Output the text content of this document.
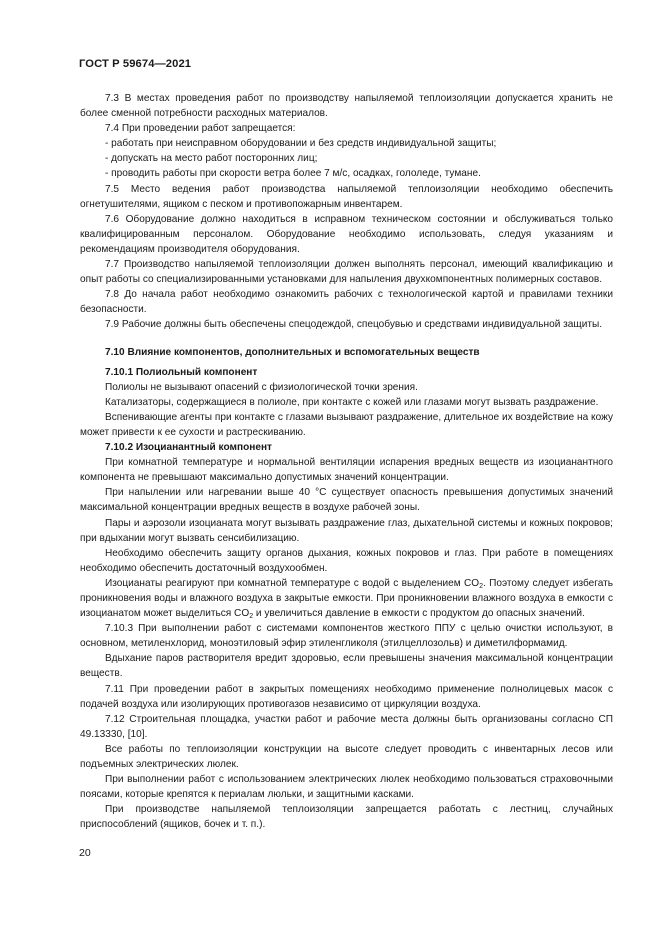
ГОСТ Р 59674—2021

7.3 В местах проведения работ по производству напыляемой теплоизоляции допускается хранить не более сменной потребности расходных материалов.

7.4 При проведении работ запрещается:

- работать при неисправном оборудовании и без средств индивидуальной защиты;

- допускать на место работ посторонних лиц;

- проводить работы при скорости ветра более 7 м/с, осадках, гололеде, тумане.

7.5 Место ведения работ производства напыляемой теплоизоляции необходимо обеспечить огнетушителями, ящиком с песком и противопожарным инвентарем.

7.6 Оборудование должно находиться в исправном техническом состоянии и обслуживаться только квалифицированным персоналом. Оборудование необходимо использовать, следуя указаниям и рекомендациям производителя оборудования.

7.7 Производство напыляемой теплоизоляции должен выполнять персонал, имеющий квалификацию и опыт работы со специализированными установками для напыления двухкомпонентных полимерных составов.

7.8 До начала работ необходимо ознакомить рабочих с технологической картой и правилами техники безопасности.

7.9 Рабочие должны быть обеспечены спецодеждой, спецобувью и средствами индивидуальной защиты.

7.10 Влияние компонентов, дополнительных и вспомогательных веществ

7.10.1 Полиольный компонент

Полиолы не вызывают опасений с физиологической точки зрения.

Катализаторы, содержащиеся в полиоле, при контакте с кожей или глазами могут вызвать раздражение.

Вспенивающие агенты при контакте с глазами вызывают раздражение, длительное их воздействие на кожу может привести к ее сухости и растрескиванию.

7.10.2 Изоцианантный компонент

При комнатной температуре и нормальной вентиляции испарения вредных веществ из изоцианантного компонента не превышают максимально допустимых значений концентрации.

При напылении или нагревании выше 40 °С существует опасность превышения допустимых значений максимальной концентрации вредных веществ в воздухе рабочей зоны.

Пары и аэрозоли изоцианата могут вызывать раздражение глаз, дыхательной системы и кожных покровов; при вдыхании могут вызвать сенсибилизацию.

Необходимо обеспечить защиту органов дыхания, кожных покровов и глаз. При работе в помещениях необходимо обеспечить достаточный воздухообмен.

Изоцианаты реагируют при комнатной температуре с водой с выделением $CO_2$. Поэтому следует избегать проникновения воды и влажного воздуха в закрытые емкости. При проникновении влажного воздуха в емкости с изоцианатом может выделиться $CO_2$ и увеличиться давление в емкости с продуктом до опасных значений.

7.10.3 При выполнении работ с системами компонентов жесткого ППУ с целью очистки используют, в основном, метиленхлорид, моноэтиловый эфир этиленгликоля (этилцеллозольв) и диметилформамид.

Вдыхание паров растворителя вредит здоровью, если превышены значения максимальной концентрации веществ.

7.11 При проведении работ в закрытых помещениях необходимо применение полнолицевых масок с подачей воздуха или изолирующих противогазов независимо от циркуляции воздуха.

7.12 Строительная площадка, участки работ и рабочие места должны быть организованы согласно СП 49.13330, [10].

Все работы по теплоизоляции конструкции на высоте следует проводить с инвентарных лесов или подъемных электрических люлек.

При выполнении работ с использованием электрических люлек необходимо пользоваться страховочными поясами, которые крепятся к периалам люльки, и защитными касками.

При производстве напыляемой теплоизоляции запрещается работать с лестниц, случайных приспособлений (ящиков, бочек и т. п.).

20
